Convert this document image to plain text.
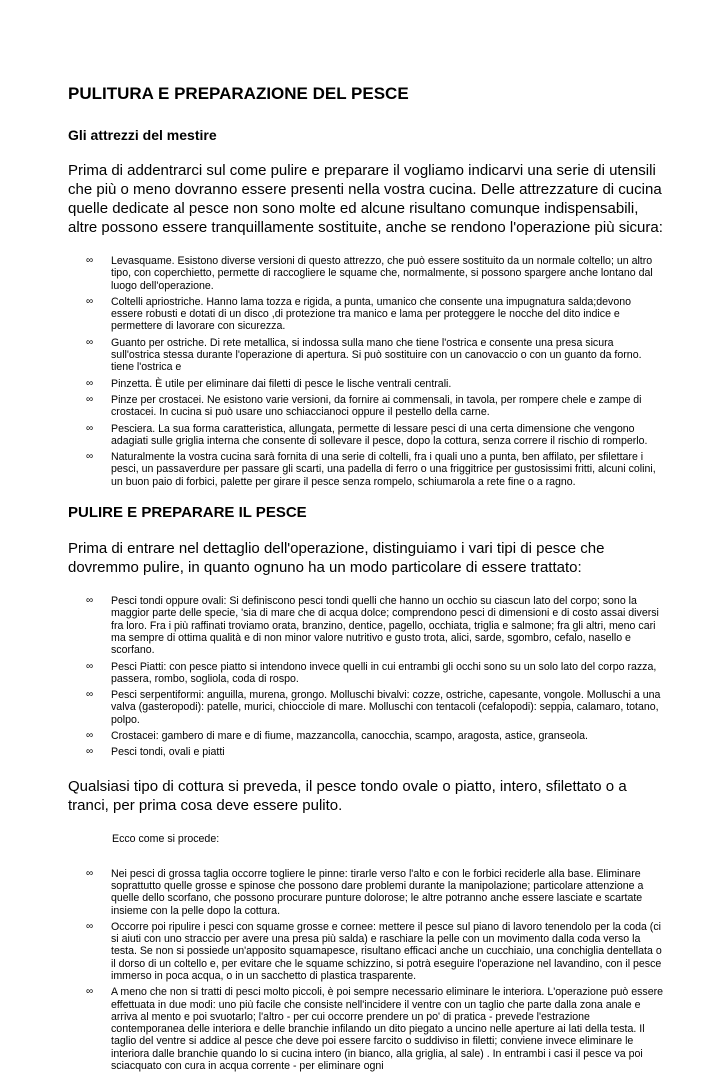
PULITURA E PREPARAZIONE DEL PESCE
Gli attrezzi del mestire

Prima di addentrarci sul come pulire e preparare il vogliamo indicarvi una serie di utensili che più o meno dovranno essere presenti nella vostra cucina. Delle attrezzature di cucina quelle dedicate al pesce non sono molte ed alcune risultano comunque indispensabili, altre possono essere tranquillamente sostituite, anche se rendono l'operazione più sicura:

∞ Levasquame. Esistono diverse versioni di questo attrezzo, che può essere sostituito da un normale coltello; un altro tipo, con coperchietto, permette di raccogliere le squame che, normalmente, si possono spargere anche lontano dal luogo dell'operazione.
∞ Coltelli apriostriche. Hanno lama tozza e rigida, a punta, umanico che consente una impugnatura salda;devono essere robusti e dotati di un disco ,di protezione tra manico e lama per proteggere le nocche del dito indice e permettere di lavorare con sicurezza.
∞ Guanto per ostriche. Di rete metallica, si indossa sulla mano che tiene l'ostrica e consente una presa sicura sull'ostrica stessa durante l'operazione di apertura. Si può sostituire con un canovaccio o con un guanto da forno. tiene l'ostrica e
∞ Pinzetta. È utile per eliminare dai filetti di pesce le lische ventrali centrali.
∞ Pinze per crostacei. Ne esistono varie versioni, da fornire ai commensali, in tavola, per rompere chele e zampe di crostacei. In cucina si può usare uno schiaccianoci oppure il pestello della carne.
∞ Pesciera. La sua forma caratteristica, allungata, permette di lessare pesci di una certa dimensione che vengono adagiati sulle griglia interna che consente di sollevare il pesce, dopo la cottura, senza correre il rischio di romperlo.
∞ Naturalmente la vostra cucina sarà fornita di una serie di coltelli, fra i quali uno a punta, ben affilato, per sfilettare i pesci, un passaverdure per passare gli scarti, una padella di ferro o una friggitrice per gustosissimi fritti, alcuni colini, un buon paio di forbici, palette per girare il pesce senza rompelo, schiumarola a rete fine o a ragno.
PULIRE E PREPARARE IL PESCE

Prima di entrare nel dettaglio dell'operazione, distinguiamo i vari tipi di pesce che dovremmo pulire, in quanto ognuno ha un modo particolare di essere trattato:

∞ Pesci tondi oppure ovali: Si definiscono pesci tondi quelli che hanno un occhio su ciascun lato del corpo; sono la maggior parte delle specie, 'sia di mare che di acqua dolce; comprendono pesci di dimensioni e di costo assai diversi fra loro. Fra i più raffinati troviamo orata, branzino, dentice, pagello, occhiata, triglia e salmone; fra gli altri, meno cari ma sempre di ottima qualità e di non minor valore nutritivo e gusto trota, alici, sarde, sgombro, cefalo, nasello e scorfano.
∞ Pesci Piatti: con pesce piatto si intendono invece quelli in cui entrambi gli occhi sono su un solo lato del corpo razza, passera, rombo, sogliola, coda di rospo.
∞ Pesci serpentiformi: anguilla, murena, grongo. Molluschi bivalvi: cozze, ostriche, capesante, vongole. Molluschi a una valva (gasteropodi): patelle, murici, chiocciole di mare. Molluschi con tentacoli (cefalopodi): seppia, calamaro, totano, polpo.
∞ Crostacei: gambero di mare e di fiume, mazzancolla, canocchia, scampo, aragosta, astice, granseola.
∞ Pesci tondi, ovali e piatti

Qualsiasi tipo di cottura si preveda, il pesce tondo ovale o piatto, intero, sfilettato o a tranci, per prima cosa deve essere pulito.

Ecco come si procede:

∞ Nei pesci di grossa taglia occorre togliere le pinne: tirarle verso l'alto e con le forbici reciderle alla base. Eliminare soprattutto quelle grosse e spinose che possono dare problemi durante la manipolazione; particolare attenzione a quelle dello scorfano, che possono procurare punture dolorose; le altre potranno anche essere lasciate e scartate insieme con la pelle dopo la cottura.
∞ Occorre poi ripulire i pesci con squame grosse e cornee: mettere il pesce sul piano di lavoro tenendolo per la coda (ci si aiuti con uno straccio per avere una presa più salda) e raschiare la pelle con un movimento dalla coda verso la testa. Se non si possiede un'apposito squamapesce, risultano efficaci anche un cucchiaio, una conchiglia dentellata o il dorso di un coltello e, per evitare che le squame schizzino, si potrà eseguire l'operazione nel lavandino, con il pesce immerso in poca acqua, o in un sacchetto di plastica trasparente.
∞ A meno che non si tratti di pesci molto piccoli, è poi sempre necessario eliminare le interiora. L'operazione può essere effettuata in due modi: uno più facile che consiste nell'incidere il ventre con un taglio che parte dalla zona anale e arriva al mento e poi svuotarlo; l'altro - per cui occorre prendere un po' di pratica - prevede l'estrazione contemporanea delle interiora e delle branchie infilando un dito piegato a uncino nelle aperture ai lati della testa. Il taglio del ventre si addice al pesce che deve poi essere farcito o suddiviso in filetti; conviene invece eliminare le interiora dalle branchie quando lo si cucina intero (in bianco, alla griglia, al sale) . In entrambi i casi il pesce va poi sciacquato con cura in acqua corrente - per eliminare ogni
